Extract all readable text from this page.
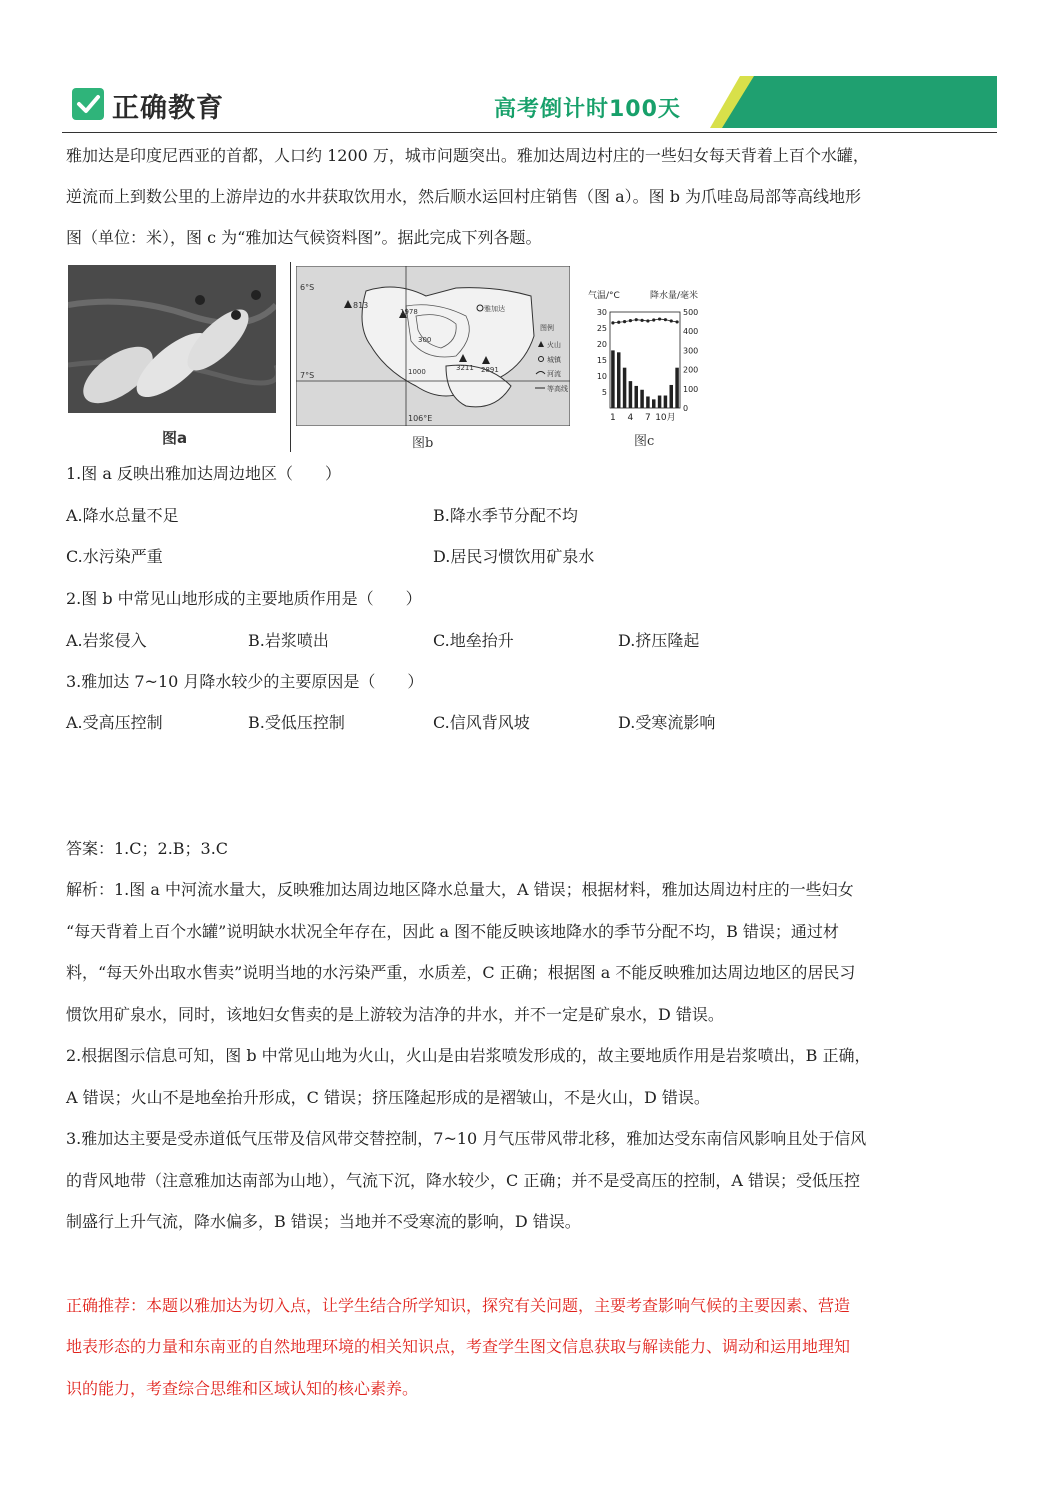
正确教育	高考倒计时100天
每日一题
雅加达是印度尼西亚的首都，人口约 1200 万，城市问题突出。雅加达周边村庄的一些妇女每天背着上百个水罐，
逆流而上到数公里的上游岸边的水井获取饮用水，然后顺水运回村庄销售（图 a）。图 b 为爪哇岛局部等高线地形
图（单位：米），图 c 为“雅加达气候资料图”。据此完成下列各题。
图a
6°S
7°S
106°E
813
1978
3211 2891
300
1000
雅加达
图例
火山
城镇
河流
等高线
图b
气温/°C	降水量/毫米
30
25
20
15
10
5
500
400
300
200
100
0
1 4 7 10月
图c
1.图 a 反映出雅加达周边地区（　　）
A.降水总量不足	B.降水季节分配不均
C.水污染严重	D.居民习惯饮用矿泉水
2.图 b 中常见山地形成的主要地质作用是（　　）
A.岩浆侵入	B.岩浆喷出	C.地垒抬升	D.挤压隆起
3.雅加达 7~10 月降水较少的主要原因是（　　）
A.受高压控制	B.受低压控制	C.信风背风坡	D.受寒流影响
答案：1.C；2.B；3.C
解析：1.图 a 中河流水量大，反映雅加达周边地区降水总量大，A 错误；根据材料，雅加达周边村庄的一些妇女
“每天背着上百个水罐”说明缺水状况全年存在，因此 a 图不能反映该地降水的季节分配不均，B 错误；通过材
料，“每天外出取水售卖”说明当地的水污染严重，水质差，C 正确；根据图 a 不能反映雅加达周边地区的居民习
惯饮用矿泉水，同时，该地妇女售卖的是上游较为洁净的井水，并不一定是矿泉水，D 错误。
2.根据图示信息可知，图 b 中常见山地为火山，火山是由岩浆喷发形成的，故主要地质作用是岩浆喷出，B 正确，
A 错误；火山不是地垒抬升形成，C 错误；挤压隆起形成的是褶皱山，不是火山，D 错误。
3.雅加达主要是受赤道低气压带及信风带交替控制，7~10 月气压带风带北移，雅加达受东南信风影响且处于信风
的背风地带（注意雅加达南部为山地），气流下沉，降水较少，C 正确；并不是受高压的控制，A 错误；受低压控
制盛行上升气流，降水偏多，B 错误；当地并不受寒流的影响，D 错误。
正确推荐：本题以雅加达为切入点，让学生结合所学知识，探究有关问题，主要考查影响气候的主要因素、营造
地表形态的力量和东南亚的自然地理环境的相关知识点，考查学生图文信息获取与解读能力、调动和运用地理知
识的能力，考查综合思维和区域认知的核心素养。
